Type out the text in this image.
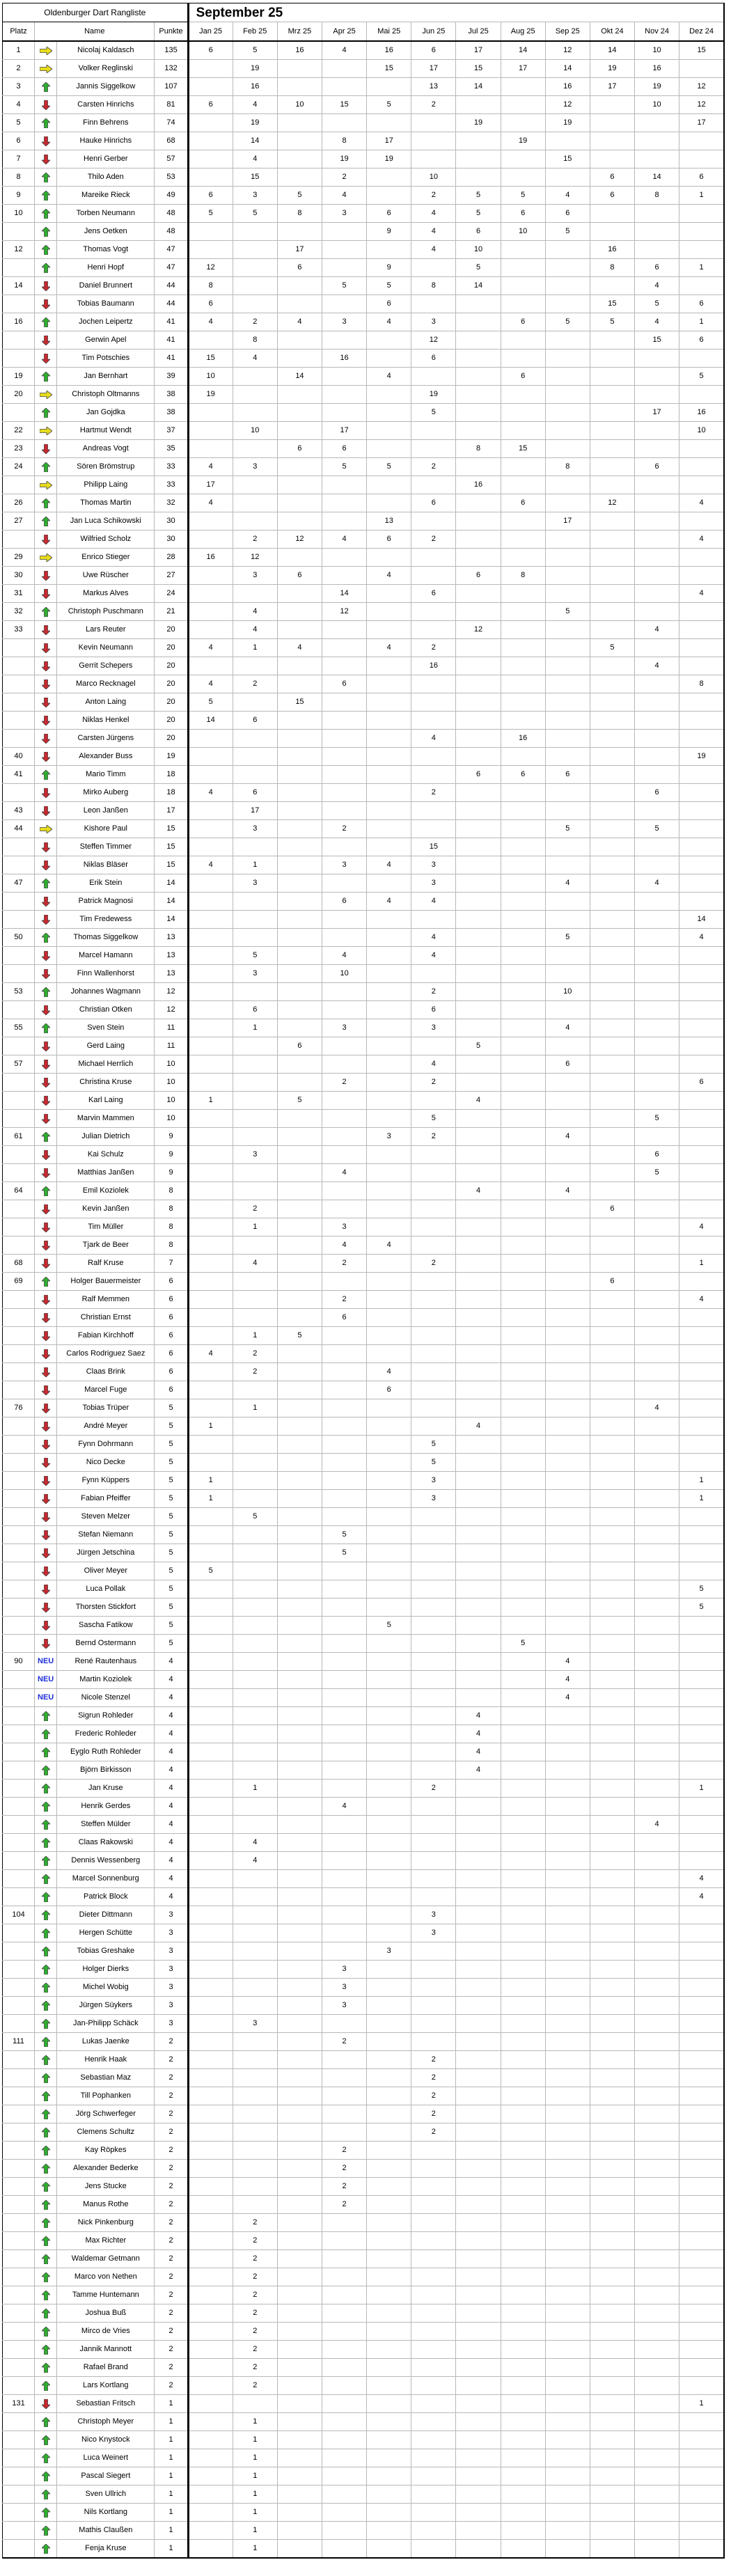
Oldenburger Dart Rangliste				September 25											
Platz	Name		Punkte	Jan 25	Feb 25	Mrz 25	Apr 25	Mai 25	Jun 25	Jul 25	Aug 25	Sep 25	Okt 24	Nov 24	Dez 24
1		Nicolaj Kaldasch	135	6	5	16	4	16	6	17	14	12	14	10	15
2		Volker Reglinski	132		19			15	17	15	17	14	19	16	
3		Jannis Siggelkow	107		16				13	14		16	17	19	12
4		Carsten Hinrichs	81	6	4	10	15	5	2			12		10	12
5		Finn Behrens	74		19					19		19			17
6		Hauke Hinrichs	68		14		8	17			19				
7		Henri Gerber	57		4		19	19				15			
8		Thilo Aden	53		15		2		10				6	14	6
9		Mareike Rieck	49	6	3	5	4		2	5	5	4	6	8	1
10		Torben Neumann	48	5	5	8	3	6	4	5	6	6			
		Jens Oetken	48					9	4	6	10	5			
12		Thomas Vogt	47			17			4	10			16		
		Henri Hopf	47	12		6		9		5			8	6	1
14		Daniel Brunnert	44	8			5	5	8	14				4	
		Tobias Baumann	44	6				6					15	5	6
16		Jochen Leipertz	41	4	2	4	3	4	3		6	5	5	4	1
		Gerwin Apel	41		8				12					15	6
		Tim Potschies	41	15	4		16		6						
19		Jan Bernhart	39	10		14		4			6				5
20		Christoph Oltmanns	38	19					19						
		Jan Gojdka	38						5					17	16
22		Hartmut Wendt	37		10		17								10
23		Andreas Vogt	35			6	6			8	15				
24		Sören Brömstrup	33	4	3		5	5	2			8		6	
		Philipp Laing	33	17						16					
26		Thomas Martin	32	4					6		6		12		4
27		Jan Luca Schikowski	30					13				17			
		Wilfried Scholz	30		2	12	4	6	2						4
29		Enrico Stieger	28	16	12										
30		Uwe Rüscher	27		3	6		4		6	8				
31		Markus Alves	24				14		6						4
32		Christoph Puschmann	21		4		12					5			
33		Lars Reuter	20		4					12				4	
		Kevin Neumann	20	4	1	4		4	2				5		
		Gerrit Schepers	20						16					4	
		Marco Recknagel	20	4	2		6								8
		Anton Laing	20	5		15									
		Niklas Henkel	20	14	6										
		Carsten Jürgens	20						4		16				
40		Alexander Buss	19												19
41		Mario Timm	18							6	6	6			
		Mirko Auberg	18	4	6				2					6	
43		Leon Janßen	17		17										
44		Kishore Paul	15		3		2					5		5	
		Steffen Timmer	15						15						
		Niklas Bläser	15	4	1		3	4	3						
47		Erik Stein	14		3				3			4		4	
		Patrick Magnosi	14				6	4	4						
		Tim Fredewess	14												14
50		Thomas Siggelkow	13						4			5			4
		Marcel Hamann	13		5		4		4						
		Finn Wallenhorst	13		3		10								
53		Johannes Wagmann	12						2			10			
		Christian Otken	12		6				6						
55		Sven Stein	11		1		3		3			4			
		Gerd Laing	11			6				5					
57		Michael Herrlich	10						4			6			
		Christina Kruse	10				2		2						6
		Karl Laing	10	1		5				4					
		Marvin Mammen	10						5					5	
61		Julian Dietrich	9					3	2			4			
		Kai Schulz	9		3									6	
		Matthias Janßen	9				4							5	
64		Emil Koziolek	8							4		4			
		Kevin Janßen	8		2								6		
		Tim Müller	8		1		3								4
		Tjark de Beer	8				4	4							
68		Ralf Kruse	7		4		2		2						1
69		Holger Bauermeister	6										6		
		Ralf Memmen	6				2								4
		Christian Ernst	6				6								
		Fabian Kirchhoff	6		1	5									
		Carlos Rodriguez Saez	6	4	2										
		Claas Brink	6		2			4							
		Marcel Fuge	6					6							
76		Tobias Trüper	5		1									4	
		André Meyer	5	1						4					
		Fynn Dohrmann	5						5						
		Nico Decke	5						5						
		Fynn Küppers	5	1					3						1
		Fabian Pfeiffer	5	1					3						1
		Steven Melzer	5		5										
		Stefan Niemann	5				5								
		Jürgen Jetschina	5				5								
		Oliver Meyer	5	5											
		Luca Pollak	5												5
		Thorsten Stickfort	5												5
		Sascha Fatikow	5					5							
		Bernd Ostermann	5								5				
90	NEU	René Rautenhaus	4									4			
	NEU	Martin Koziolek	4									4			
	NEU	Nicole Stenzel	4									4			
		Sigrun Rohleder	4							4					
		Frederic Rohleder	4							4					
		Eyglo Ruth Rohleder	4							4					
		Björn Birkisson	4							4					
		Jan Kruse	4		1				2						1
		Henrik Gerdes	4				4								
		Steffen Mülder	4											4	
		Claas Rakowski	4		4										
		Dennis Wessenberg	4		4										
		Marcel Sonnenburg	4												4
		Patrick Block	4												4
104		Dieter Dittmann	3						3						
		Hergen Schütte	3						3						
		Tobias Greshake	3					3							
		Holger Dierks	3				3								
		Michel Wobig	3				3								
		Jürgen Süykers	3				3								
		Jan-Philipp Schäck	3		3										
111		Lukas Jaenke	2				2								
		Henrik Haak	2						2						
		Sebastian Maz	2						2						
		Till Pophanken	2						2						
		Jörg Schwerfeger	2						2						
		Clemens Schultz	2						2						
		Kay Röpkes	2				2								
		Alexander Bederke	2				2								
		Jens Stucke	2				2								
		Manus Rothe	2				2								
		Nick Pinkenburg	2		2										
		Max Richter	2		2										
		Waldemar Getmann	2		2										
		Marco von Nethen	2		2										
		Tamme Huntemann	2		2										
		Joshua Buß	2		2										
		Mirco de Vries	2		2										
		Jannik Mannott	2		2										
		Rafael Brand	2		2										
		Lars Kortlang	2		2										
131		Sebastian Fritsch	1												1
		Christoph Meyer	1		1										
		Nico Knystock	1		1										
		Luca Weinert	1		1										
		Pascal Siegert	1		1										
		Sven Ullrich	1		1										
		Nils Kortlang	1		1										
		Mathis Claußen	1		1										
		Fenja Kruse	1		1										
